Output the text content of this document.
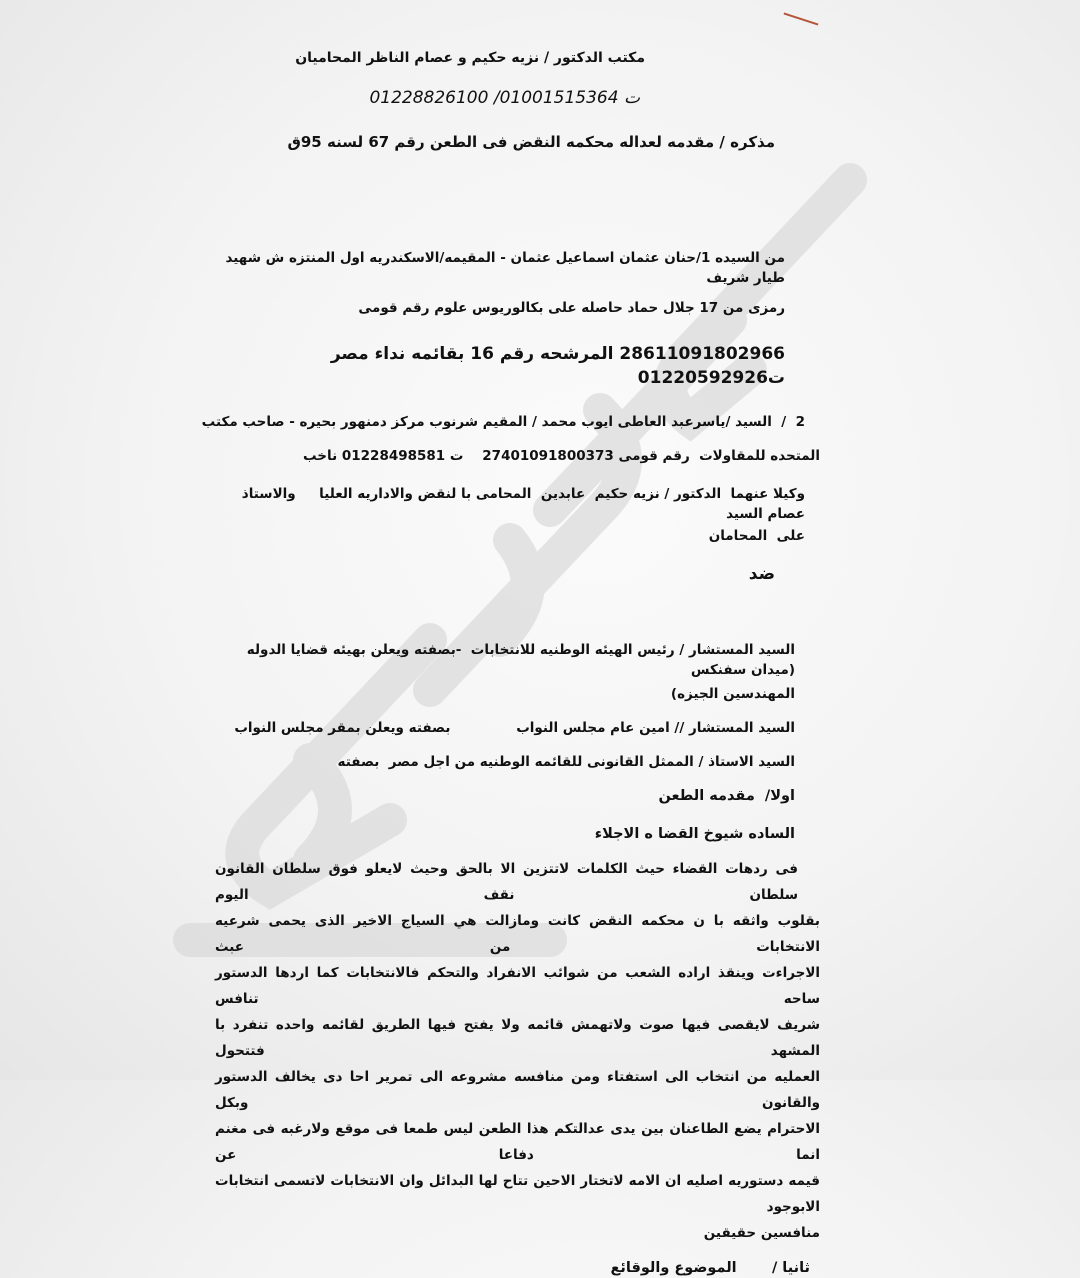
مكتب الدكتور / نزيه حكيم و عصام الناظر المحاميان
ت 01001515364/ 01228826100
مذكره / مقدمه لعداله محكمه النقض فى الطعن رقم 67 لسنه 95ق
من السيده 1/حنان عثمان اسماعيل عثمان - المقيمه/الاسكندريه اول المنتزه ش شهيد طيار شريف
رمزى من 17 جلال حماد حاصله على بكالوريوس علوم رقم قومى
28611091802966 المرشحه رقم 16 بقائمه نداء مصر ت01220592926
2  /  السيد /ياسرعبد العاطى ايوب محمد / المقيم شرنوب مركز دمنهور بحيره - صاحب مكتب
المتحده للمقاولات  رقم قومى 27401091800373    ت 01228498581 ناخب
وكيلا عنهما  الدكتور / نزيه حكيم  عابدين  المحامى با لنقض والاداريه العليا     والاستاذ عصام السيد
على  المحامان
ضد
السيد المستشار / رئيس الهيئه الوطنيه للانتخابات  -بصفته ويعلن بهيئه قضايا الدوله (ميدان سفنكس
المهندسين الجيزه)
السيد المستشار // امين عام مجلس النواب              بصفته ويعلن بمقر مجلس النواب
السيد الاستاذ / الممثل القانونى للقائمه الوطنيه من اجل مصر  بصفته
اولا/  مقدمه الطعن
الساده شيوخ القضا ه الاجلاء
فى ردهات القضاء حيث الكلمات لاتتزين الا بالحق وحيث لايعلو فوق سلطان القانون سلطان نقف اليوم
بقلوب واثقه با ن محكمه النقض كانت ومازالت هي السياج الاخير الذى يحمى شرعيه الانتخابات من عبث
الاجراءت وينقذ اراده الشعب من شوائب الانفراد والتحكم فالانتخابات كما اردها الدستور ساحه تنافس
شريف لايقصى فيها صوت ولاتهمش قائمه ولا يفتح فيها الطريق لقائمه واحده تنفرد با المشهد فتتحول
العمليه من انتخاب الى استفتاء ومن منافسه مشروعه الى تمرير احا دى يخالف الدستور والقانون وبكل
الاحترام يضع الطاعنان بين يدى عدالتكم هذا الطعن ليس طمعا فى موقع ولارغبه فى مغنم انما دفاعا عن
قيمه دستوريه اصليه ان الامه لاتختار الاحين تتاح لها البدائل وان الانتخابات لاتسمى انتخابات الابوجود
منافسين حقيقين
ثانيا /       الموضوع والوقائع
